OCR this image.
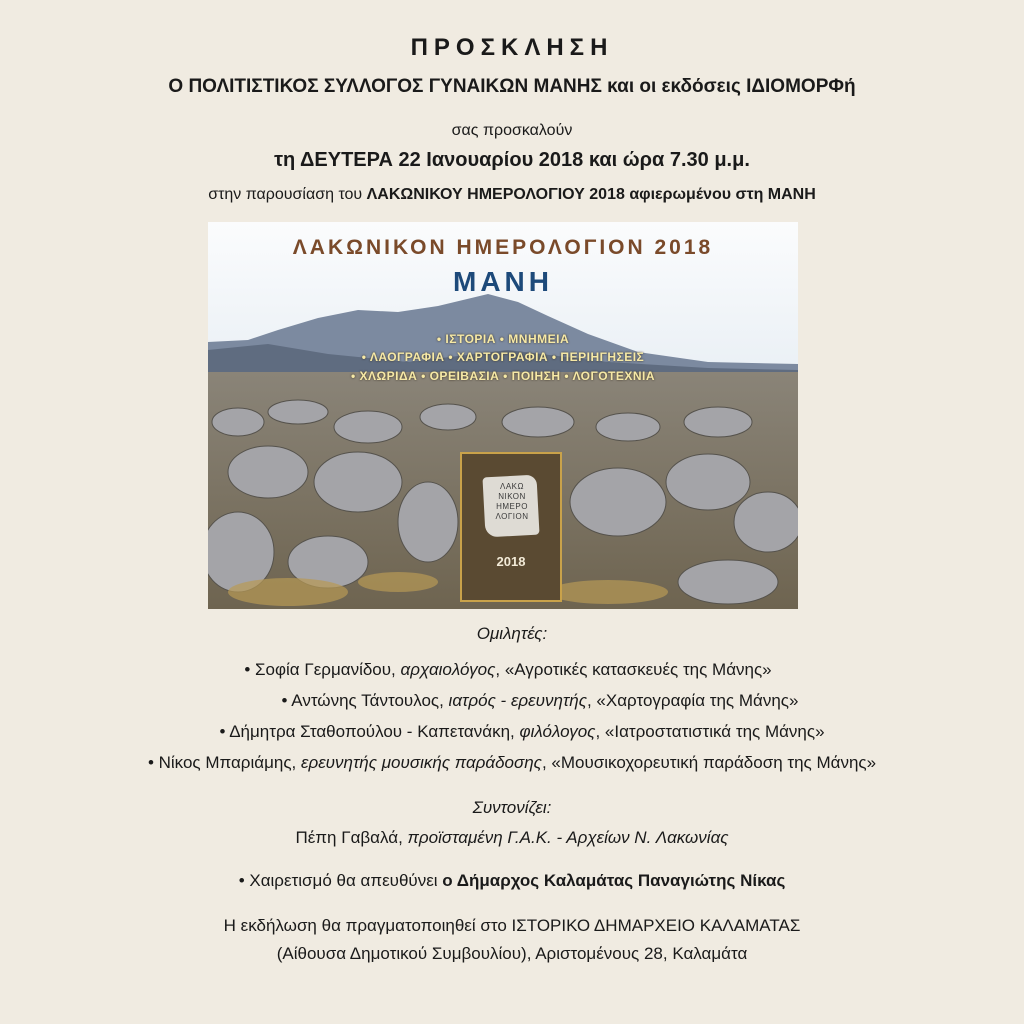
ΠΡΟΣΚΛΗΣΗ
Ο ΠΟΛΙΤΙΣΤΙΚΟΣ ΣΥΛΛΟΓΟΣ ΓΥΝΑΙΚΩΝ ΜΑΝΗΣ και οι εκδόσεις ΙΔΙΟΜΟΡΦή
σας προσκαλούν
τη ΔΕΥΤΕΡΑ 22 Ιανουαρίου 2018 και ώρα 7.30 μ.μ.
στην παρουσίαση του ΛΑΚΩΝΙΚΟΥ ΗΜΕΡΟΛΟΓΙΟΥ 2018 αφιερωμένου στη ΜΑΝΗ
ΛΑΚΩΝΙΚΟΝ ΗΜΕΡΟΛΟΓΙΟΝ 2018
ΜΑΝΗ
• ΙΣΤΟΡΙΑ • ΜΝΗΜΕΙΑ
• ΛΑΟΓΡΑΦΙΑ • ΧΑΡΤΟΓΡΑΦΙΑ • ΠΕΡΙΗΓΗΣΕΙΣ
• ΧΛΩΡΙΔΑ • ΟΡΕΙΒΑΣΙΑ • ΠΟΙΗΣΗ • ΛΟΓΟΤΕΧΝΙΑ
ΛΑΚΩ ΝΙΚΟΝ ΗΜΕΡΟ ΛΟΓΙΟΝ
2018
Ομιλητές:
• Σοφία Γερμανίδου, αρχαιολόγος, «Αγροτικές κατασκευές της Μάνης»
• Αντώνης Τάντουλος, ιατρός - ερευνητής, «Χαρτογραφία της Μάνης»
• Δήμητρα Σταθοπούλου - Καπετανάκη, φιλόλογος, «Ιατροστατιστικά της Μάνης»
• Νίκος Μπαριάμης, ερευνητής μουσικής παράδοσης, «Μουσικοχορευτική παράδοση της Μάνης»
Συντονίζει:
Πέπη Γαβαλά, προϊσταμένη Γ.Α.Κ. - Αρχείων Ν. Λακωνίας
• Χαιρετισμό θα απευθύνει ο Δήμαρχος Καλαμάτας Παναγιώτης Νίκας
Η εκδήλωση θα πραγματοποιηθεί στο ΙΣΤΟΡΙΚΟ ΔΗΜΑΡΧΕΙΟ ΚΑΛΑΜΑΤΑΣ
(Αίθουσα Δημοτικού Συμβουλίου), Αριστομένους 28, Καλαμάτα
